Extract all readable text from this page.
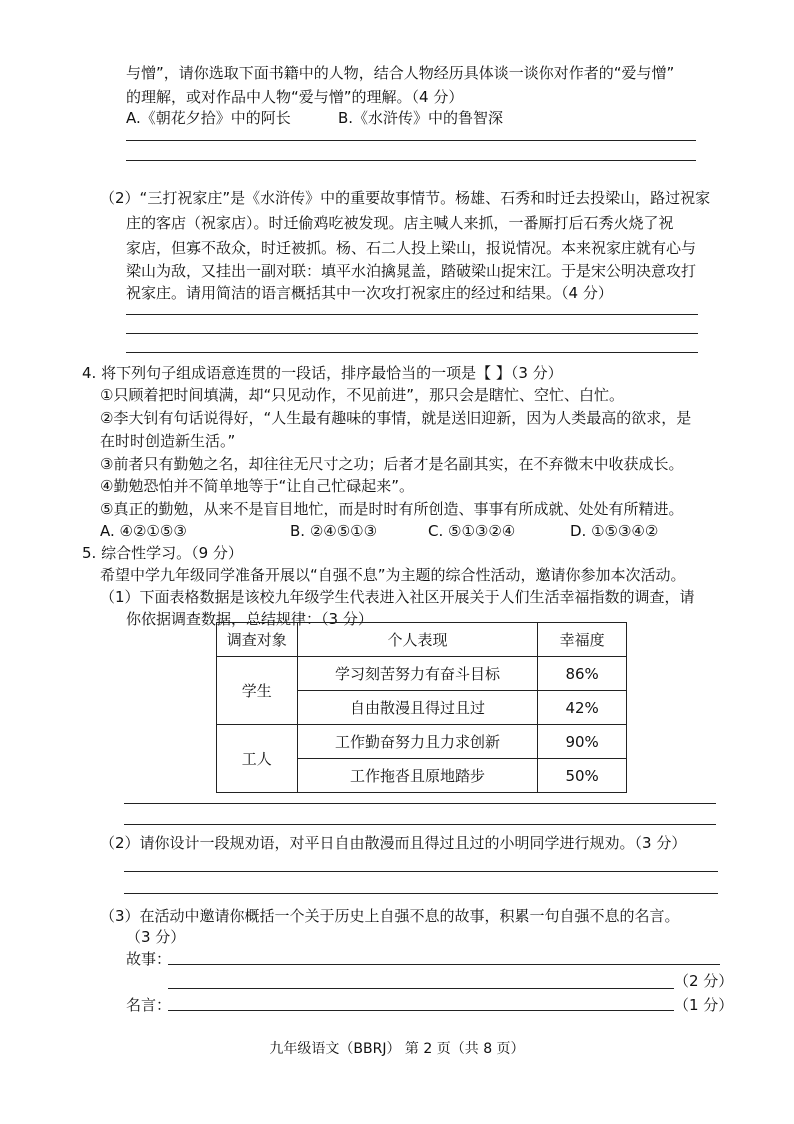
与憎”，请你选取下面书籍中的人物，结合人物经历具体谈一谈你对作者的“爱与憎”
的理解，或对作品中人物“爱与憎”的理解。（4 分）
A.《朝花夕拾》中的阿长	B.《水浒传》中的鲁智深
（2）“三打祝家庄”是《水浒传》中的重要故事情节。杨雄、石秀和时迁去投梁山，路过祝家
庄的客店（祝家店）。时迁偷鸡吃被发现。店主喊人来抓，一番厮打后石秀火烧了祝
家店，但寡不敌众，时迁被抓。杨、石二人投上梁山，报说情况。本来祝家庄就有心与
梁山为敌，又挂出一副对联：填平水泊擒晁盖，踏破梁山捉宋江。于是宋公明决意攻打
祝家庄。请用简洁的语言概括其中一次攻打祝家庄的经过和结果。（4 分）
4. 将下列句子组成语意连贯的一段话，排序最恰当的一项是【 】（3 分）
①只顾着把时间填满，却“只见动作，不见前进”，那只会是瞎忙、空忙、白忙。
②李大钊有句话说得好，“人生最有趣味的事情，就是送旧迎新，因为人类最高的欲求，是
在时时创造新生活。”
③前者只有勤勉之名，却往往无尺寸之功；后者才是名副其实，在不弃微末中收获成长。
④勤勉恐怕并不简单地等于“让自己忙碌起来”。
⑤真正的勤勉，从来不是盲目地忙，而是时时有所创造、事事有所成就、处处有所精进。
A. ④②①⑤③	B. ②④⑤①③	C. ⑤①③②④	D. ①⑤③④②
5. 综合性学习。（9 分）
希望中学九年级同学准备开展以“自强不息”为主题的综合性活动，邀请你参加本次活动。
（1）下面表格数据是该校九年级学生代表进入社区开展关于人们生活幸福指数的调查，请
你依据调查数据，总结规律：（3 分）
调查对象	个人表现	幸福度
学生	学习刻苦努力有奋斗目标	86%
	自由散漫且得过且过	42%
工人	工作勤奋努力且力求创新	90%
	工作拖沓且原地踏步	50%
（2）请你设计一段规劝语，对平日自由散漫而且得过且过的小明同学进行规劝。（3 分）
（3）在活动中邀请你概括一个关于历史上自强不息的故事，积累一句自强不息的名言。
（3 分）
故事：
（2 分）
名言：	（1 分）
九年级语文（BBRJ） 第 2 页（共 8 页）
